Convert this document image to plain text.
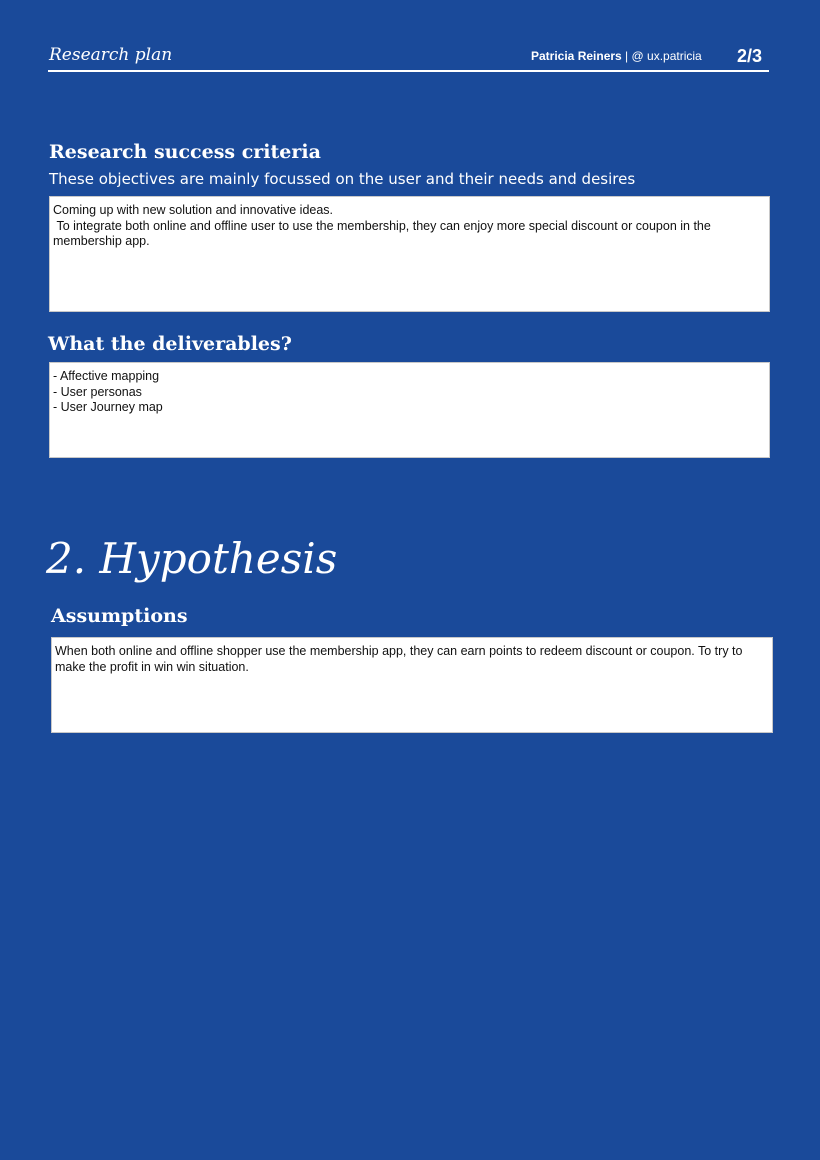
Research plan	Patricia Reiners | @ ux.patricia 2/3
Research success criteria
These objectives are mainly focussed on the user and their needs and desires
Coming up with new solution and innovative ideas.
To integrate both online and offline user to use the membership, they can enjoy more special discount or coupon in the membership app.
What the deliverables?
- Affective mapping
- User personas
- User Journey map
2. Hypothesis
Assumptions
When both online and offline shopper use the membership app, they can earn points to redeem discount or coupon. To try to make the profit in win win situation.
